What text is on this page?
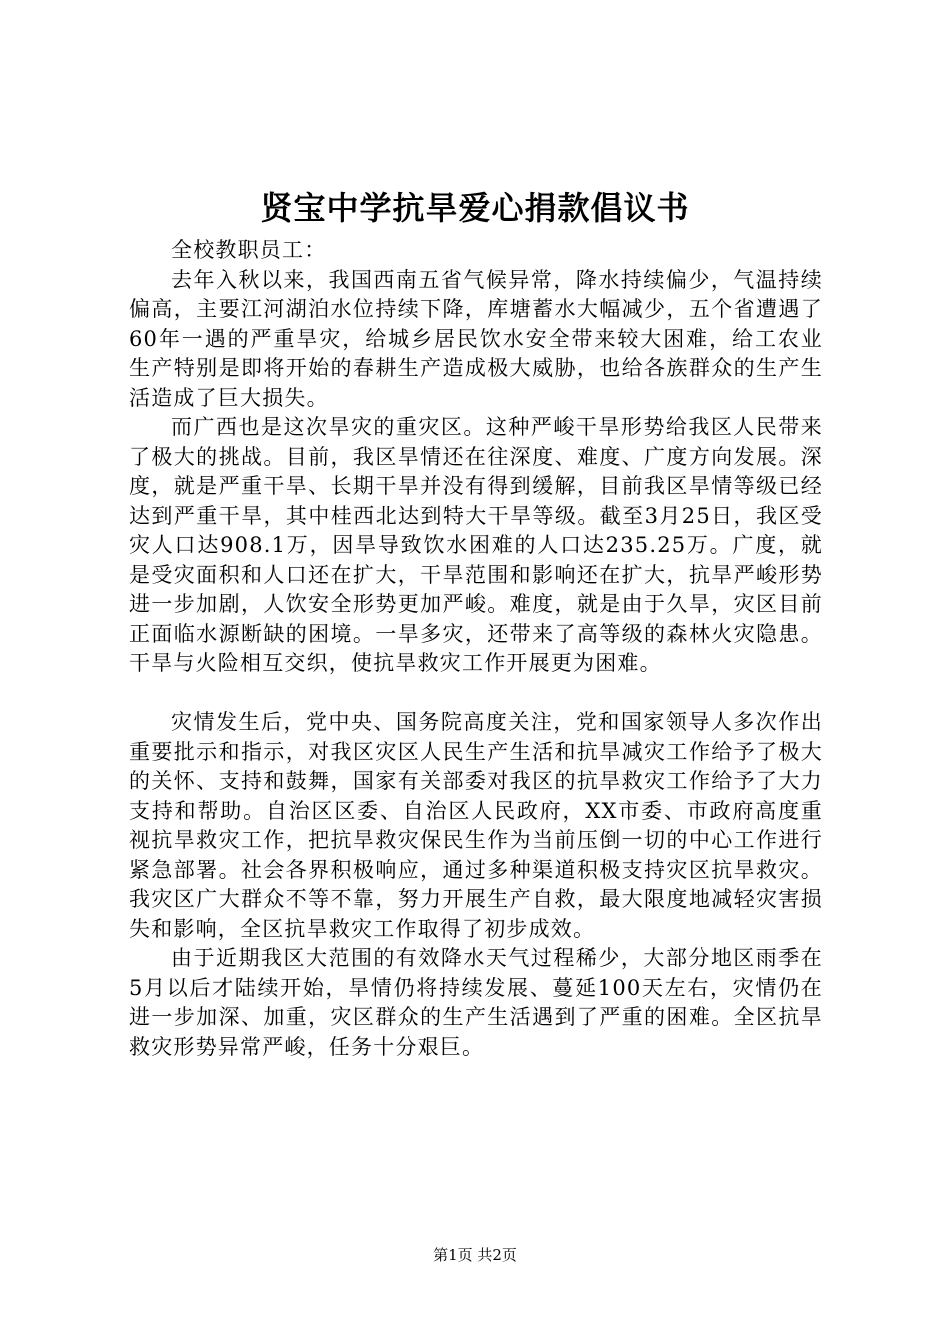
贤宝中学抗旱爱心捐款倡议书

全校教职员工：

去年入秋以来，我国西南五省气候异常，降水持续偏少，气温持续偏高，主要江河湖泊水位持续下降，库塘蓄水大幅减少，五个省遭遇了60年一遇的严重旱灾，给城乡居民饮水安全带来较大困难，给工农业生产特别是即将开始的春耕生产造成极大威胁，也给各族群众的生产生活造成了巨大损失。

而广西也是这次旱灾的重灾区。这种严峻干旱形势给我区人民带来了极大的挑战。目前，我区旱情还在往深度、难度、广度方向发展。深度，就是严重干旱、长期干旱并没有得到缓解，目前我区旱情等级已经达到严重干旱，其中桂西北达到特大干旱等级。截至3月25日，我区受灾人口达908.1万，因旱导致饮水困难的人口达235.25万。广度，就是受灾面积和人口还在扩大，干旱范围和影响还在扩大，抗旱严峻形势进一步加剧，人饮安全形势更加严峻。难度，就是由于久旱，灾区目前正面临水源断缺的困境。一旱多灾，还带来了高等级的森林火灾隐患。干旱与火险相互交织，使抗旱救灾工作开展更为困难。

灾情发生后，党中央、国务院高度关注，党和国家领导人多次作出重要批示和指示，对我区灾区人民生产生活和抗旱减灾工作给予了极大的关怀、支持和鼓舞，国家有关部委对我区的抗旱救灾工作给予了大力支持和帮助。自治区区委、自治区人民政府，XX市委、市政府高度重视抗旱救灾工作，把抗旱救灾保民生作为当前压倒一切的中心工作进行紧急部署。社会各界积极响应，通过多种渠道积极支持灾区抗旱救灾。我灾区广大群众不等不靠，努力开展生产自救，最大限度地减轻灾害损失和影响，全区抗旱救灾工作取得了初步成效。

由于近期我区大范围的有效降水天气过程稀少，大部分地区雨季在5月以后才陆续开始，旱情仍将持续发展、蔓延100天左右，灾情仍在进一步加深、加重，灾区群众的生产生活遇到了严重的困难。全区抗旱救灾形势异常严峻，任务十分艰巨。

第1页 共2页
